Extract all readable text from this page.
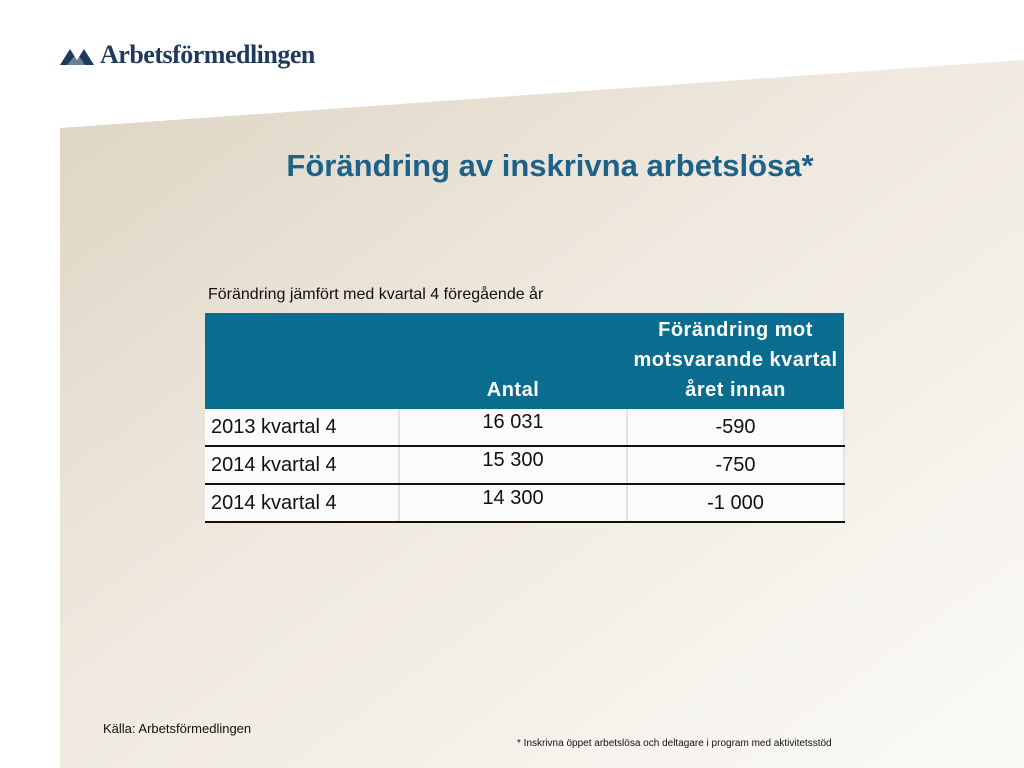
Arbetsförmedlingen
Förändring av inskrivna arbetslösa*
Förändring jämfört med kvartal 4 föregående år
	Antal	Förändring mot motsvarande kvartal året innan
2013 kvartal 4	16 031	-590
2014 kvartal 4	15 300	-750
2014 kvartal 4	14 300	-1 000
Källa: Arbetsförmedlingen
* Inskrivna öppet arbetslösa och deltagare i program med aktivitetsstöd
